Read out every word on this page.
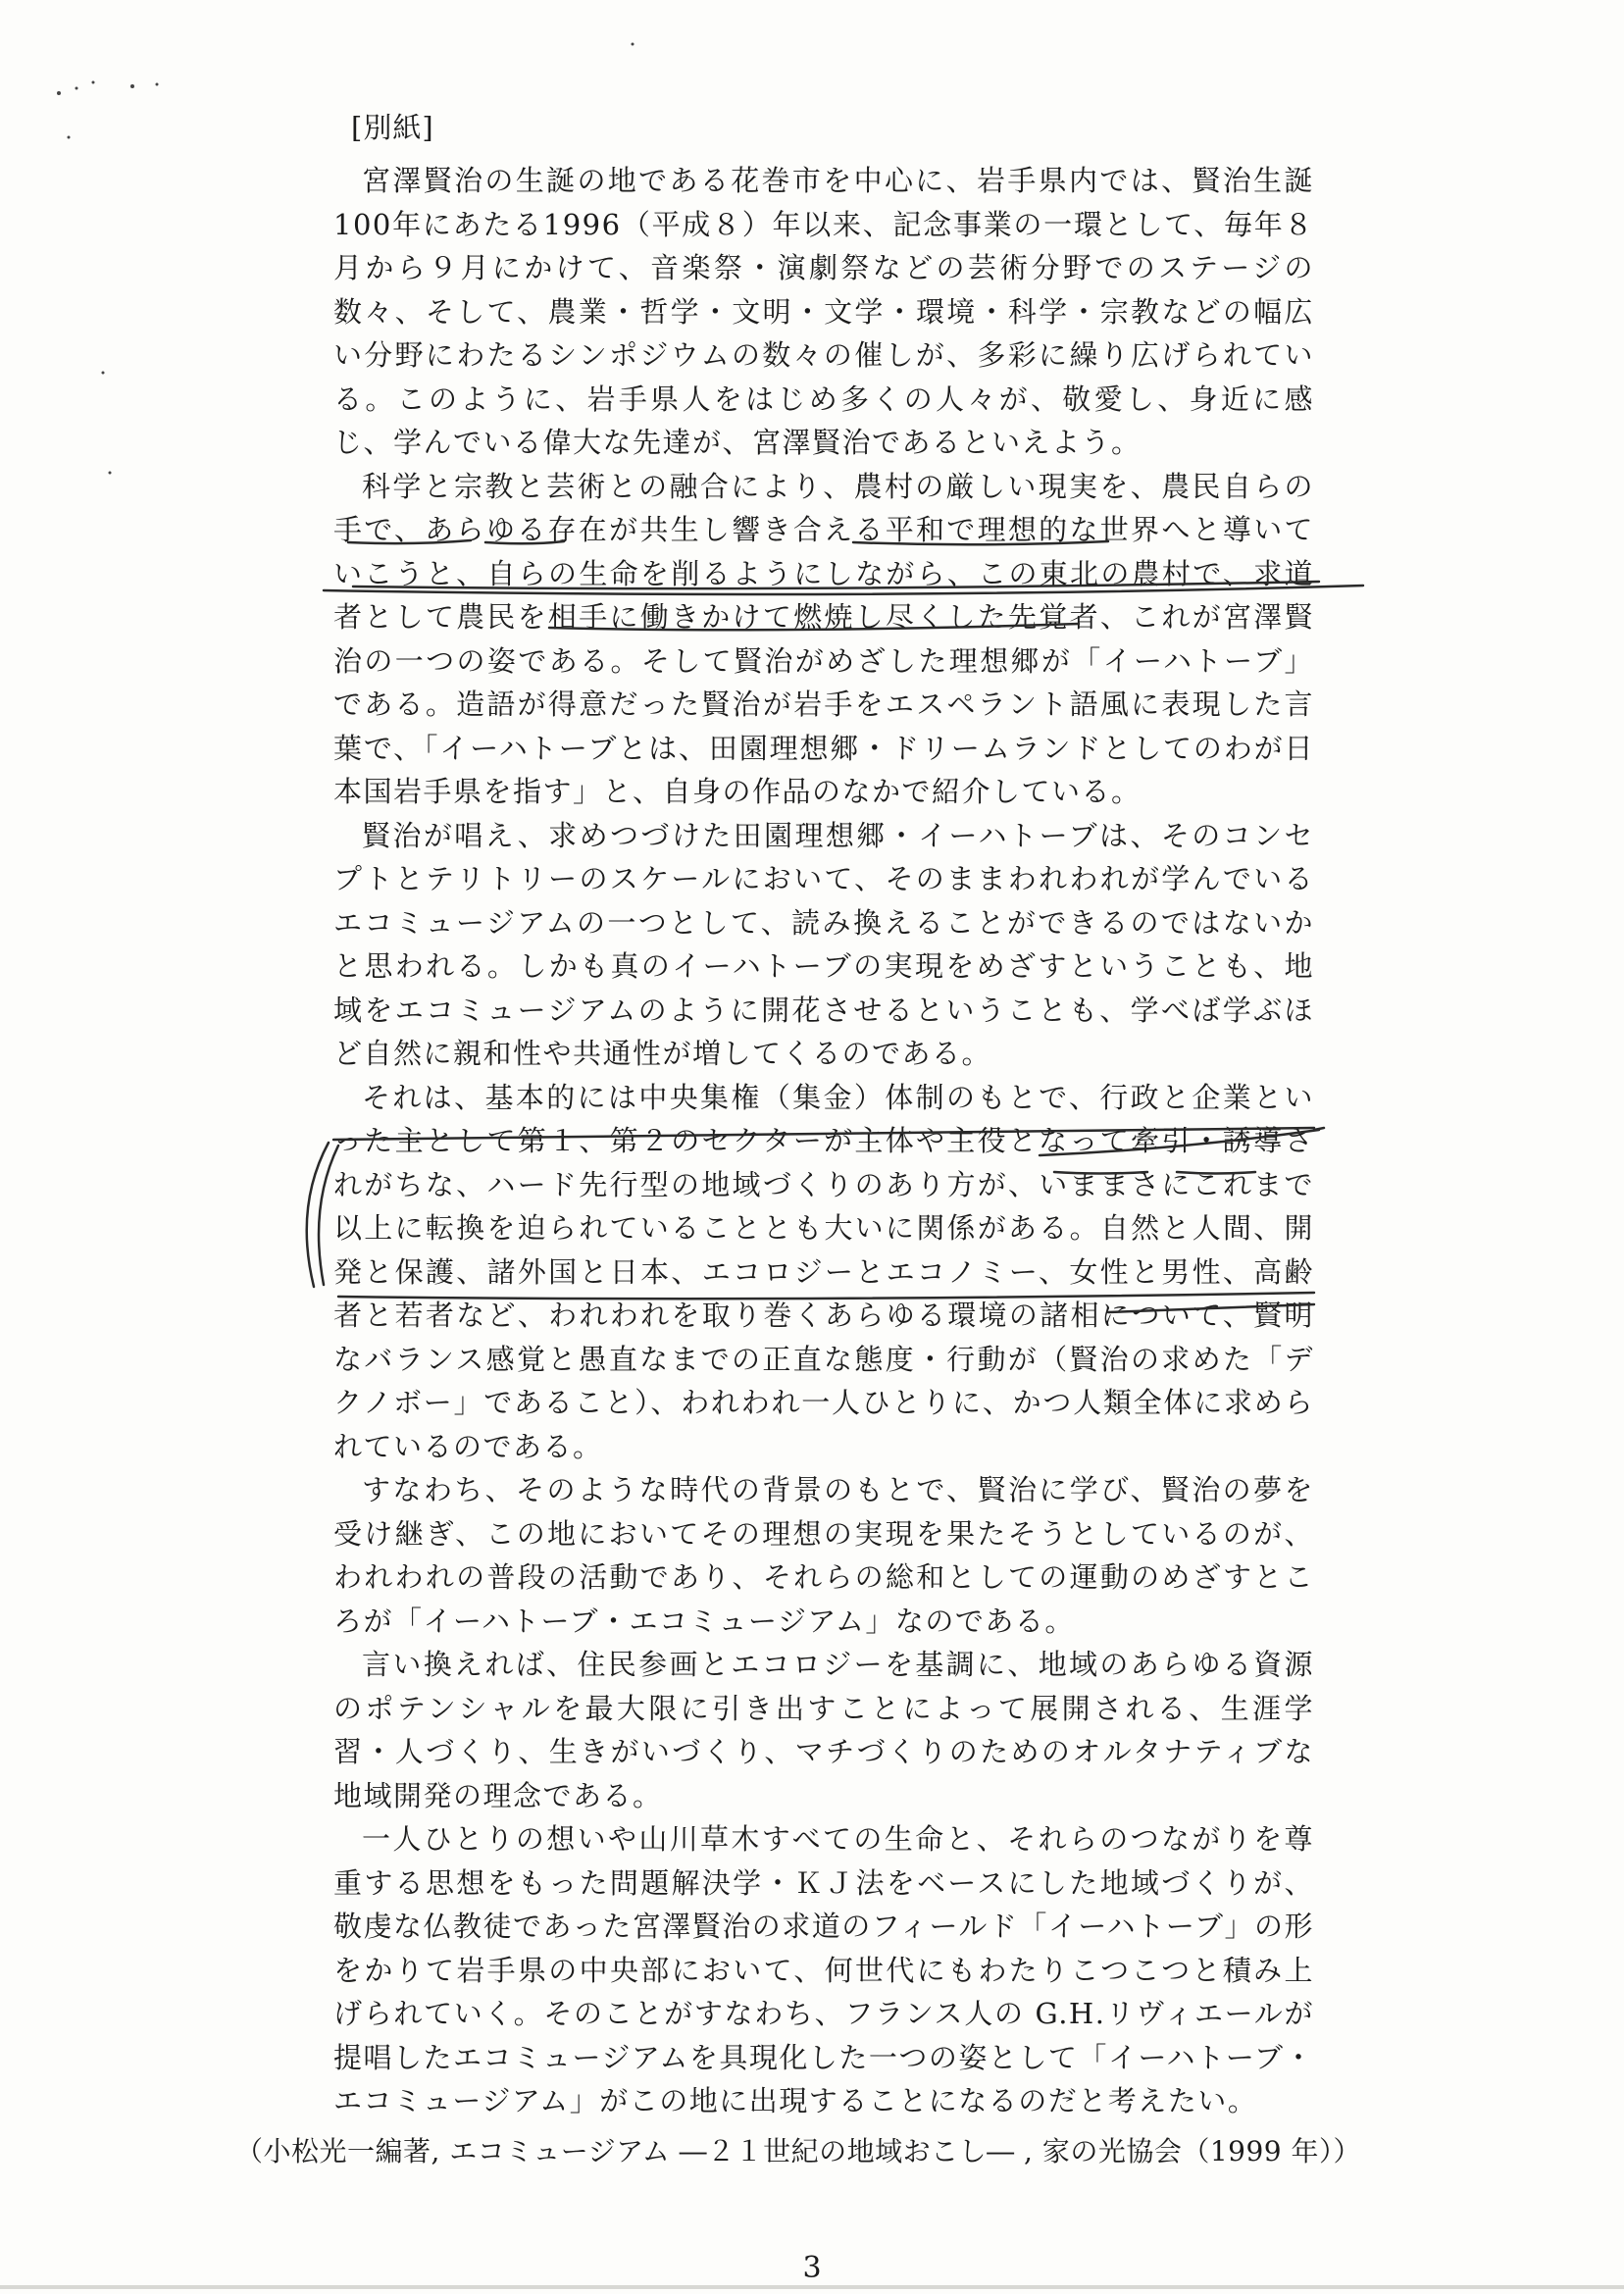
[別紙]

宮澤賢治の生誕の地である花巻市を中心に、岩手県内では、賢治生誕100年にあたる1996（平成８）年以来、記念事業の一環として、毎年８月から９月にかけて、音楽祭・演劇祭などの芸術分野でのステージの数々、そして、農業・哲学・文明・文学・環境・科学・宗教などの幅広い分野にわたるシンポジウムの数々の催しが、多彩に繰り広げられている。このように、岩手県人をはじめ多くの人々が、敬愛し、身近に感じ、学んでいる偉大な先達が、宮澤賢治であるといえよう。

科学と宗教と芸術との融合により、農村の厳しい現実を、農民自らの手で、あらゆる存在が共生し響き合える平和で理想的な世界へと導いていこうと、自らの生命を削るようにしながら、この東北の農村で、求道者として農民を相手に働きかけて燃焼し尽くした先覚者、これが宮澤賢治の一つの姿である。そして賢治がめざした理想郷が「イーハトーブ」である。造語が得意だった賢治が岩手をエスペラント語風に表現した言葉で、「イーハトーブとは、田園理想郷・ドリームランドとしてのわが日本国岩手県を指す」と、自身の作品のなかで紹介している。

賢治が唱え、求めつづけた田園理想郷・イーハトーブは、そのコンセプトとテリトリーのスケールにおいて、そのままわれわれが学んでいるエコミュージアムの一つとして、読み換えることができるのではないかと思われる。しかも真のイーハトーブの実現をめざすということも、地域をエコミュージアムのように開花させるということも、学べば学ぶほど自然に親和性や共通性が増してくるのである。

それは、基本的には中央集権（集金）体制のもとで、行政と企業といった主として第１、第２のセクターが主体や主役となって牽引・誘導されがちな、ハード先行型の地域づくりのあり方が、いままさにこれまで以上に転換を迫られていることとも大いに関係がある。自然と人間、開発と保護、諸外国と日本、エコロジーとエコノミー、女性と男性、高齢者と若者など、われわれを取り巻くあらゆる環境の諸相について、賢明なバランス感覚と愚直なまでの正直な態度・行動が（賢治の求めた「デクノボー」であること）、われわれ一人ひとりに、かつ人類全体に求められているのである。

すなわち、そのような時代の背景のもとで、賢治に学び、賢治の夢を受け継ぎ、この地においてその理想の実現を果たそうとしているのが、われわれの普段の活動であり、それらの総和としての運動のめざすところが「イーハトーブ・エコミュージアム」なのである。

言い換えれば、住民参画とエコロジーを基調に、地域のあらゆる資源のポテンシャルを最大限に引き出すことによって展開される、生涯学習・人づくり、生きがいづくり、マチづくりのためのオルタナティブな地域開発の理念である。

一人ひとりの想いや山川草木すべての生命と、それらのつながりを尊重する思想をもった問題解決学・ＫＪ法をベースにした地域づくりが、敬虔な仏教徒であった宮澤賢治の求道のフィールド「イーハトーブ」の形をかりて岩手県の中央部において、何世代にもわたりこつこつと積み上げられていく。そのことがすなわち、フランス人の G.H.リヴィエールが提唱したエコミュージアムを具現化した一つの姿として「イーハトーブ・エコミュージアム」がこの地に出現することになるのだと考えたい。

（小松光一編著, エコミュージアム ―２１世紀の地域おこし― , 家の光協会（1999 年））
3
